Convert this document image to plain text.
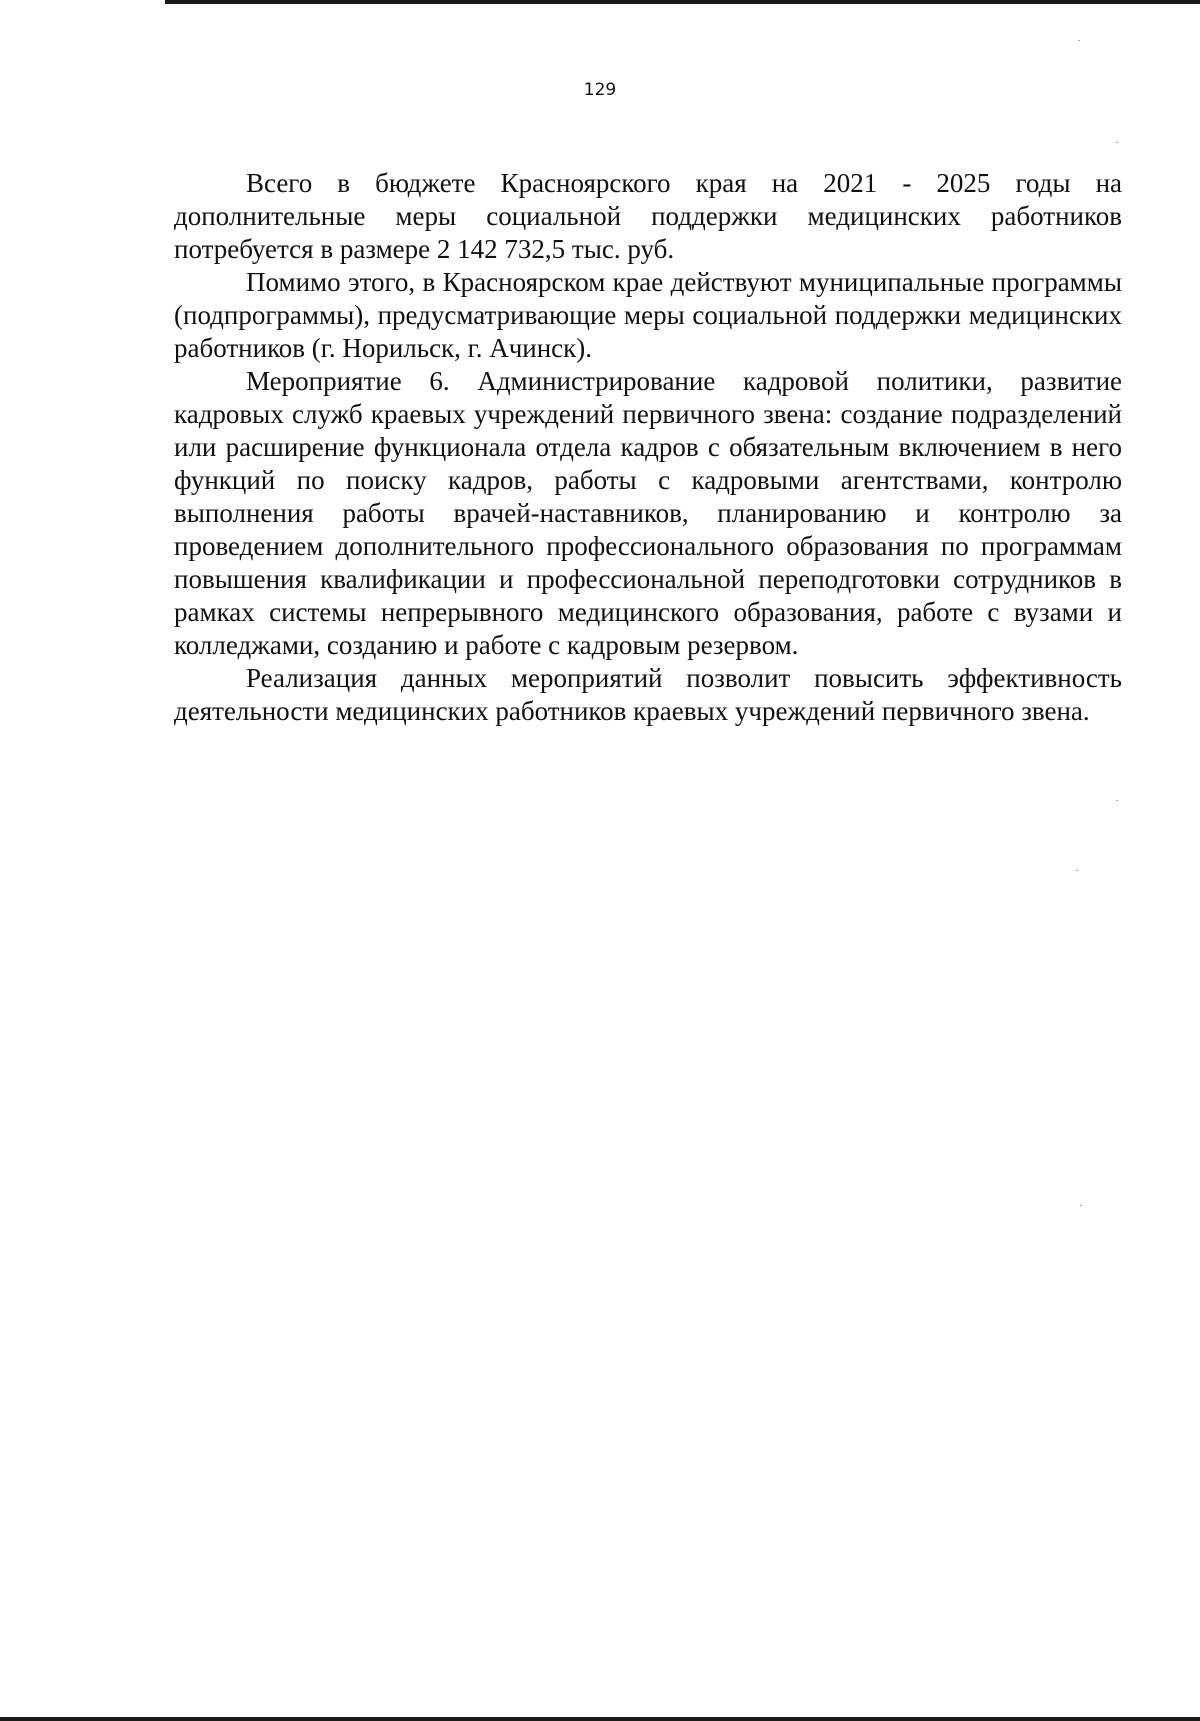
129

Всего в бюджете Красноярского края на 2021 - 2025 годы на дополнительные меры социальной поддержки медицинских работников потребуется в размере 2 142 732,5 тыс. руб.

Помимо этого, в Красноярском крае действуют муниципальные программы (подпрограммы), предусматривающие меры социальной поддержки медицинских работников (г. Норильск, г. Ачинск).

Мероприятие 6. Администрирование кадровой политики, развитие кадровых служб краевых учреждений первичного звена: создание подразделений или расширение функционала отдела кадров с обязательным включением в него функций по поиску кадров, работы с кадровыми агентствами, контролю выполнения работы врачей-наставников, планированию и контролю за проведением дополнительного профессионального образования по программам повышения квалификации и профессиональной переподготовки сотрудников в рамках системы непрерывного медицинского образования, работе с вузами и колледжами, созданию и работе с кадровым резервом.

Реализация данных мероприятий позволит повысить эффективность деятельности медицинских работников краевых учреждений первичного звена.
